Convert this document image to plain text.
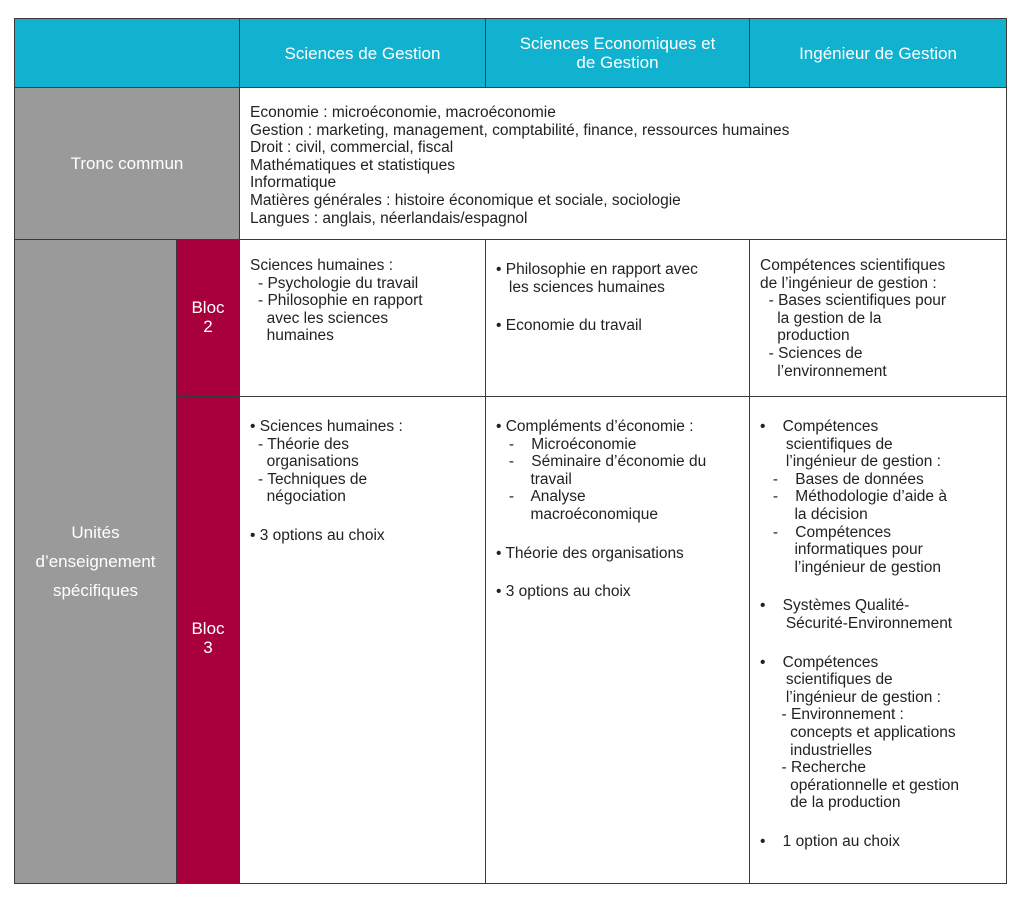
Sciences de Gestion	Sciences Economiques et
de Gestion	Ingénieur de Gestion
Tronc commun
Economie : microéconomie, macroéconomie
Gestion : marketing, management, comptabilité, finance, ressources humaines
Droit : civil, commercial, fiscal
Mathématiques et statistiques
Informatique
Matières générales : histoire économique et sociale, sociologie
Langues : anglais, néerlandais/espagnol
Unités
d’enseignement
spécifiques
Bloc
2
Sciences humaines :
- Psychologie du travail
- Philosophie en rapport
avec les sciences
humaines
• Philosophie en rapport avec
les sciences humaines
• Economie du travail
Compétences scientifiques
de l’ingénieur de gestion :
- Bases scientifiques pour
la gestion de la
production
- Sciences de
l’environnement
Bloc
3
• Sciences humaines :
- Théorie des
organisations
- Techniques de
négociation
• 3 options au choix
• Compléments d’économie :
-    Microéconomie
-    Séminaire d’économie du
travail
-    Analyse
macroéconomique
• Théorie des organisations
• 3 options au choix
•    Compétences
scientifiques de
l’ingénieur de gestion :
-    Bases de données
-    Méthodologie d’aide à
la décision
-    Compétences
informatiques pour
l’ingénieur de gestion
•    Systèmes Qualité-
Sécurité-Environnement
•    Compétences
scientifiques de
l’ingénieur de gestion :
- Environnement :
concepts et applications
industrielles
- Recherche
opérationnelle et gestion
de la production
•    1 option au choix
